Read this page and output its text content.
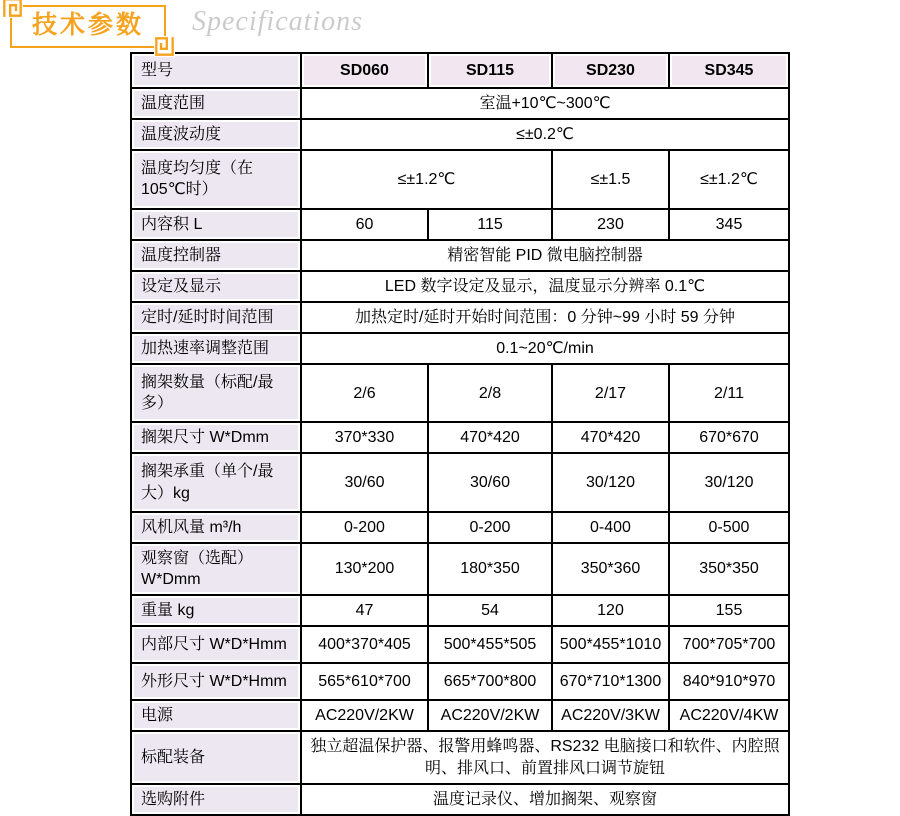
技术参数	Specifications
型号	SD060	SD115	SD230	SD345
温度范围	室温+10℃~300℃			
温度波动度	≤±0.2℃			
温度均匀度（在105℃时）	≤±1.2℃		≤±1.5	≤±1.2℃
内容积 L	60	115	230	345
温度控制器	精密智能 PID 微电脑控制器			
设定及显示	LED 数字设定及显示，温度显示分辨率 0.1℃			
定时/延时时间范围	加热定时/延时开始时间范围：0 分钟~99 小时 59 分钟			
加热速率调整范围	0.1~20℃/min			
搁架数量（标配/最多）	2/6	2/8	2/17	2/11
搁架尺寸 W*Dmm	370*330	470*420	470*420	670*670
搁架承重（单个/最大）kg	30/60	30/60	30/120	30/120
风机风量 m³/h	0-200	0-200	0-400	0-500
观察窗（选配）W*Dmm	130*200	180*350	350*360	350*350
重量 kg	47	54	120	155
内部尺寸 W*D*Hmm	400*370*405	500*455*505	500*455*1010	700*705*700
外形尺寸 W*D*Hmm	565*610*700	665*700*800	670*710*1300	840*910*970
电源	AC220V/2KW	AC220V/2KW	AC220V/3KW	AC220V/4KW
标配装备	独立超温保护器、报警用蜂鸣器、RS232 电脑接口和软件、内腔照明、排风口、前置排风口调节旋钮			
选购附件	温度记录仪、增加搁架、观察窗			
